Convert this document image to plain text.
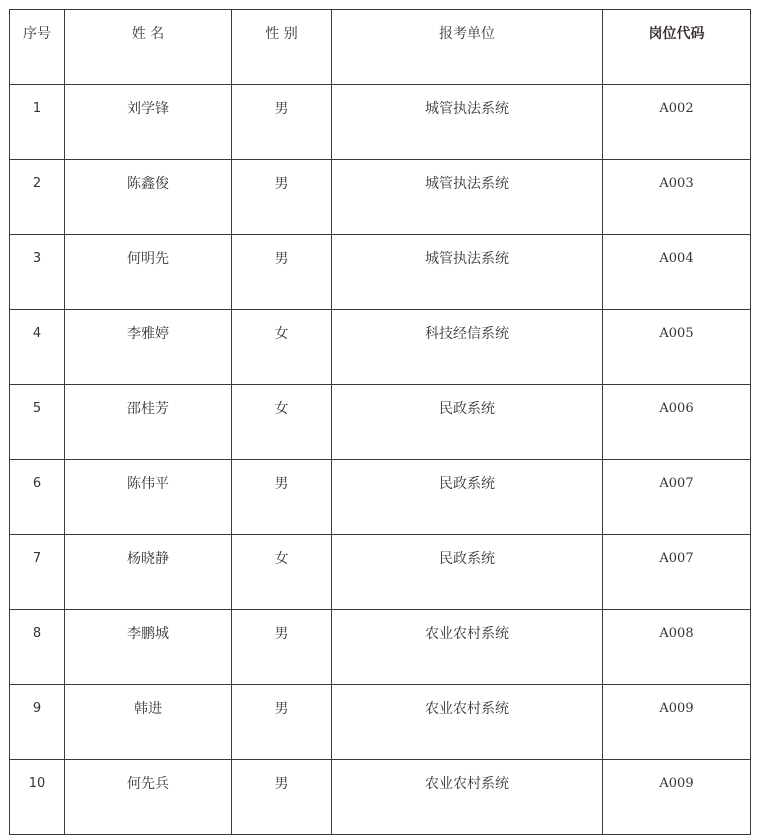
序号	姓 名	性 别	报考单位	岗位代码

1	刘学锋	男	城管执法系统	A002

2	陈鑫俊	男	城管执法系统	A003

3	何明先	男	城管执法系统	A004

4	李雅婷	女	科技经信系统	A005

5	邵桂芳	女	民政系统	A006

6	陈伟平	男	民政系统	A007

7	杨晓静	女	民政系统	A007

8	李鹏城	男	农业农村系统	A008

9	韩进	男	农业农村系统	A009

10	何先兵	男	农业农村系统	A009
